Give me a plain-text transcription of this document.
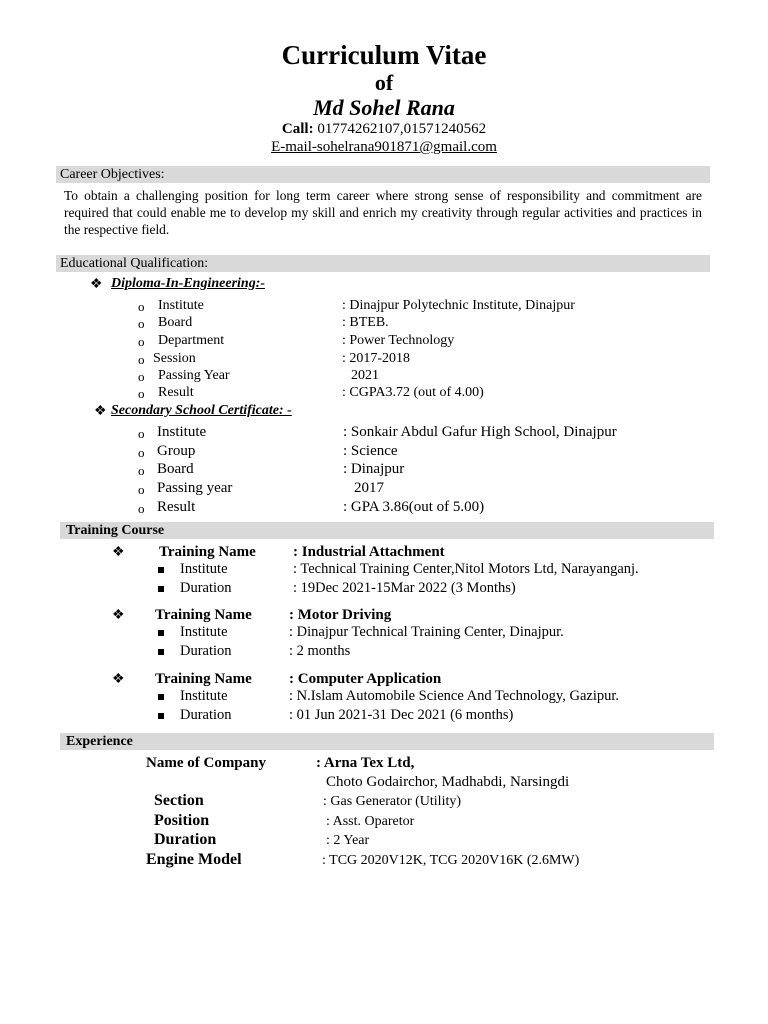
Curriculum Vitae
of
Md Sohel Rana
Call: 01774262107,01571240562
E-mail-sohelrana901871@gmail.com
Career Objectives:
To obtain a challenging position for long term career where strong sense of responsibility and commitment are required that could enable me to develop my skill and enrich my creativity through regular activities and practices in the respective field.
Educational Qualification:
❖ Diploma-In-Engineering:-
o Institute	: Dinajpur Polytechnic Institute, Dinajpur
o Board	: BTEB.
o Department	: Power Technology
o Session	: 2017-2018
o Passing Year	2021
o Result	: CGPA3.72 (out of 4.00)
❖ Secondary School Certificate: -
o Institute	: Sonkair Abdul Gafur High School, Dinajpur
o Group	: Science
o Board	: Dinajpur
o Passing year	2017
o Result	: GPA 3.86(out of 5.00)
Training Course
❖ Training Name : Industrial Attachment
Institute	: Technical Training Center,Nitol Motors Ltd, Narayanganj.
Duration	: 19Dec 2021-15Mar 2022 (3 Months)
❖ Training Name : Motor Driving
Institute	: Dinajpur Technical Training Center, Dinajpur.
Duration	: 2 months
❖ Training Name : Computer Application
Institute	: N.Islam Automobile Science And Technology, Gazipur.
Duration	: 01 Jun 2021-31 Dec 2021 (6 months)
Experience
Name of Company	: Arna Tex Ltd,
Choto Godairchor, Madhabdi, Narsingdi
Section	: Gas Generator (Utility)
Position	: Asst. Oparetor
Duration	: 2 Year
Engine Model	: TCG 2020V12K, TCG 2020V16K (2.6MW)
